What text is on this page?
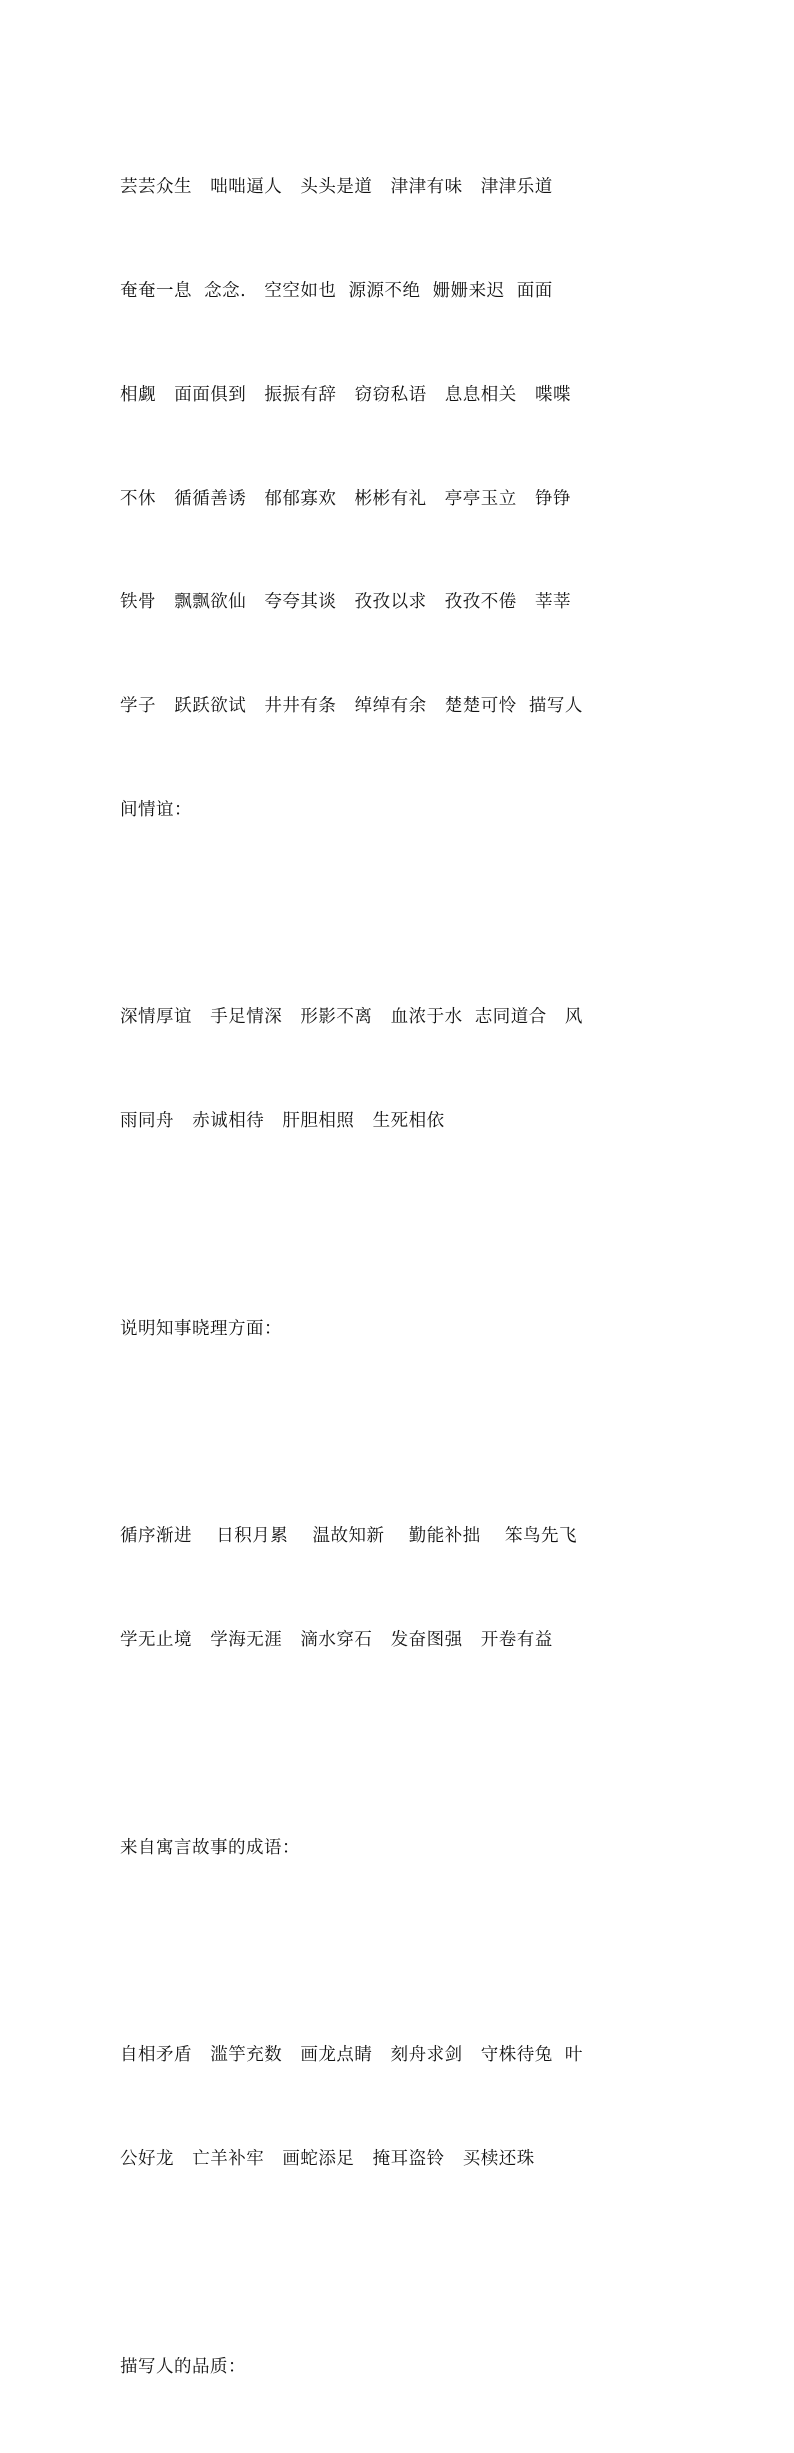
芸芸众生   咄咄逼人   头头是道   津津有味   津津乐道

奄奄一息  念念.   空空如也  源源不绝  姗姗来迟  面面

相觑   面面俱到   振振有辞   窃窃私语   息息相关   喋喋

不休   循循善诱   郁郁寡欢   彬彬有礼   亭亭玉立   铮铮

铁骨   飘飘欲仙   夸夸其谈   孜孜以求   孜孜不倦   莘莘

学子   跃跃欲试   井井有条   绰绰有余   楚楚可怜  描写人

间情谊：

深情厚谊   手足情深   形影不离   血浓于水  志同道合   风

雨同舟   赤诚相待   肝胆相照   生死相依

说明知事晓理方面：

循序渐进    日积月累    温故知新    勤能补拙    笨鸟先飞

学无止境   学海无涯   滴水穿石   发奋图强   开卷有益

来自寓言故事的成语：

自相矛盾   滥竽充数   画龙点睛   刻舟求剑   守株待兔  叶

公好龙   亡羊补牢   画蛇添足   掩耳盗铃   买椟还珠

描写人的品质：
